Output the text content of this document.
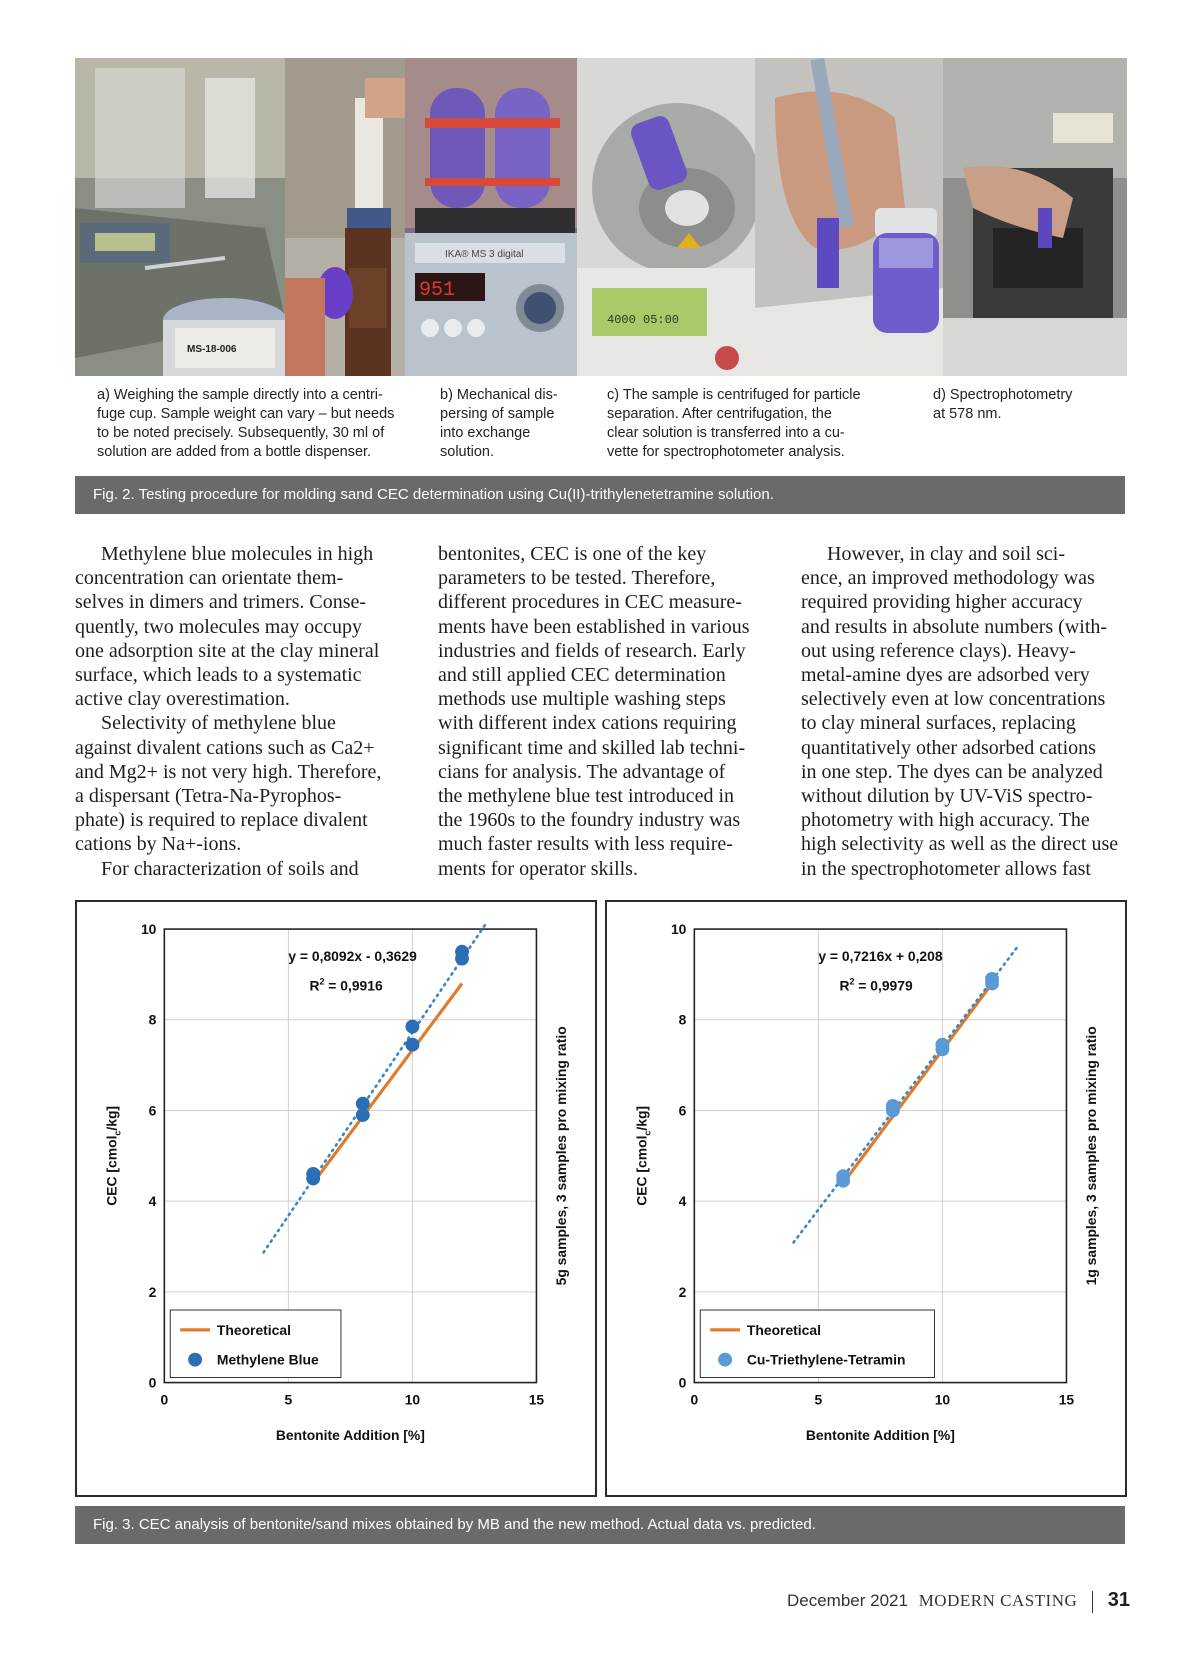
MS-18-006
IKA® MS 3 digital
951
4000 05:00
a) Weighing the sample directly into a centri-
fuge cup. Sample weight can vary – but needs
to be noted precisely. Subsequently, 30 ml of
solution are added from a bottle dispenser.
b) Mechanical dis-
persing of sample
into exchange
solution.
c) The sample is centrifuged for particle
separation. After centrifugation, the
clear solution is transferred into a cu-
vette for spectrophotometer analysis.
d) Spectrophotometry
at 578 nm.
Fig. 2. Testing procedure for molding sand CEC determination using Cu(II)-trithylenetetramine solution.

Methylene blue molecules in high
concentration can orientate them-
selves in dimers and trimers. Conse-
quently, two molecules may occupy
one adsorption site at the clay mineral
surface, which leads to a systematic
active clay overestimation.

Selectivity of methylene blue
against divalent cations such as Ca2+
and Mg2+ is not very high. Therefore,
a dispersant (Tetra-Na-Pyrophos-
phate) is required to replace divalent
cations by Na+-ions.

For characterization of soils and

bentonites, CEC is one of the key
parameters to be tested. Therefore,
different procedures in CEC measure-
ments have been established in various
industries and fields of research. Early
and still applied CEC determination
methods use multiple washing steps
with different index cations requiring
significant time and skilled lab techni-
cians for analysis. The advantage of
the methylene blue test introduced in
the 1960s to the foundry industry was
much faster results with less require-
ments for operator skills.

However, in clay and soil sci-
ence, an improved methodology was
required providing higher accuracy
and results in absolute numbers (with-
out using reference clays). Heavy-
metal-amine dyes are adsorbed very
selectively even at low concentrations
to clay mineral surfaces, replacing
quantitatively other adsorbed cations
in one step. The dyes can be analyzed
without dilution by UV-ViS spectro-
photometry with high accuracy. The
high selectivity as well as the direct use
in the spectrophotometer allows fast

0	5	10	15
0
2
4
6
8
10
Bentonite Addition [%]
CEC [cmol$_c$/kg]	5g samples, 3 samples pro mixing ratio
y = 0,8092x - 0,3629
$R^2 = 0,9916$
Theoretical
Methylene Blue
0	5	10	15
0
2
4
6
8
10
Bentonite Addition [%]
CEC [cmol$_c$/kg]	1g samples, 3 samples pro mixing ratio
y = 0,7216x + 0,208
$R^2 = 0,9979$
Theoretical
Cu-Triethylene-Tetramin
Fig. 3. CEC analysis of bentonite/sand mixes obtained by MB and the new method. Actual data vs. predicted.
December 2021 MODERN CASTING 31
